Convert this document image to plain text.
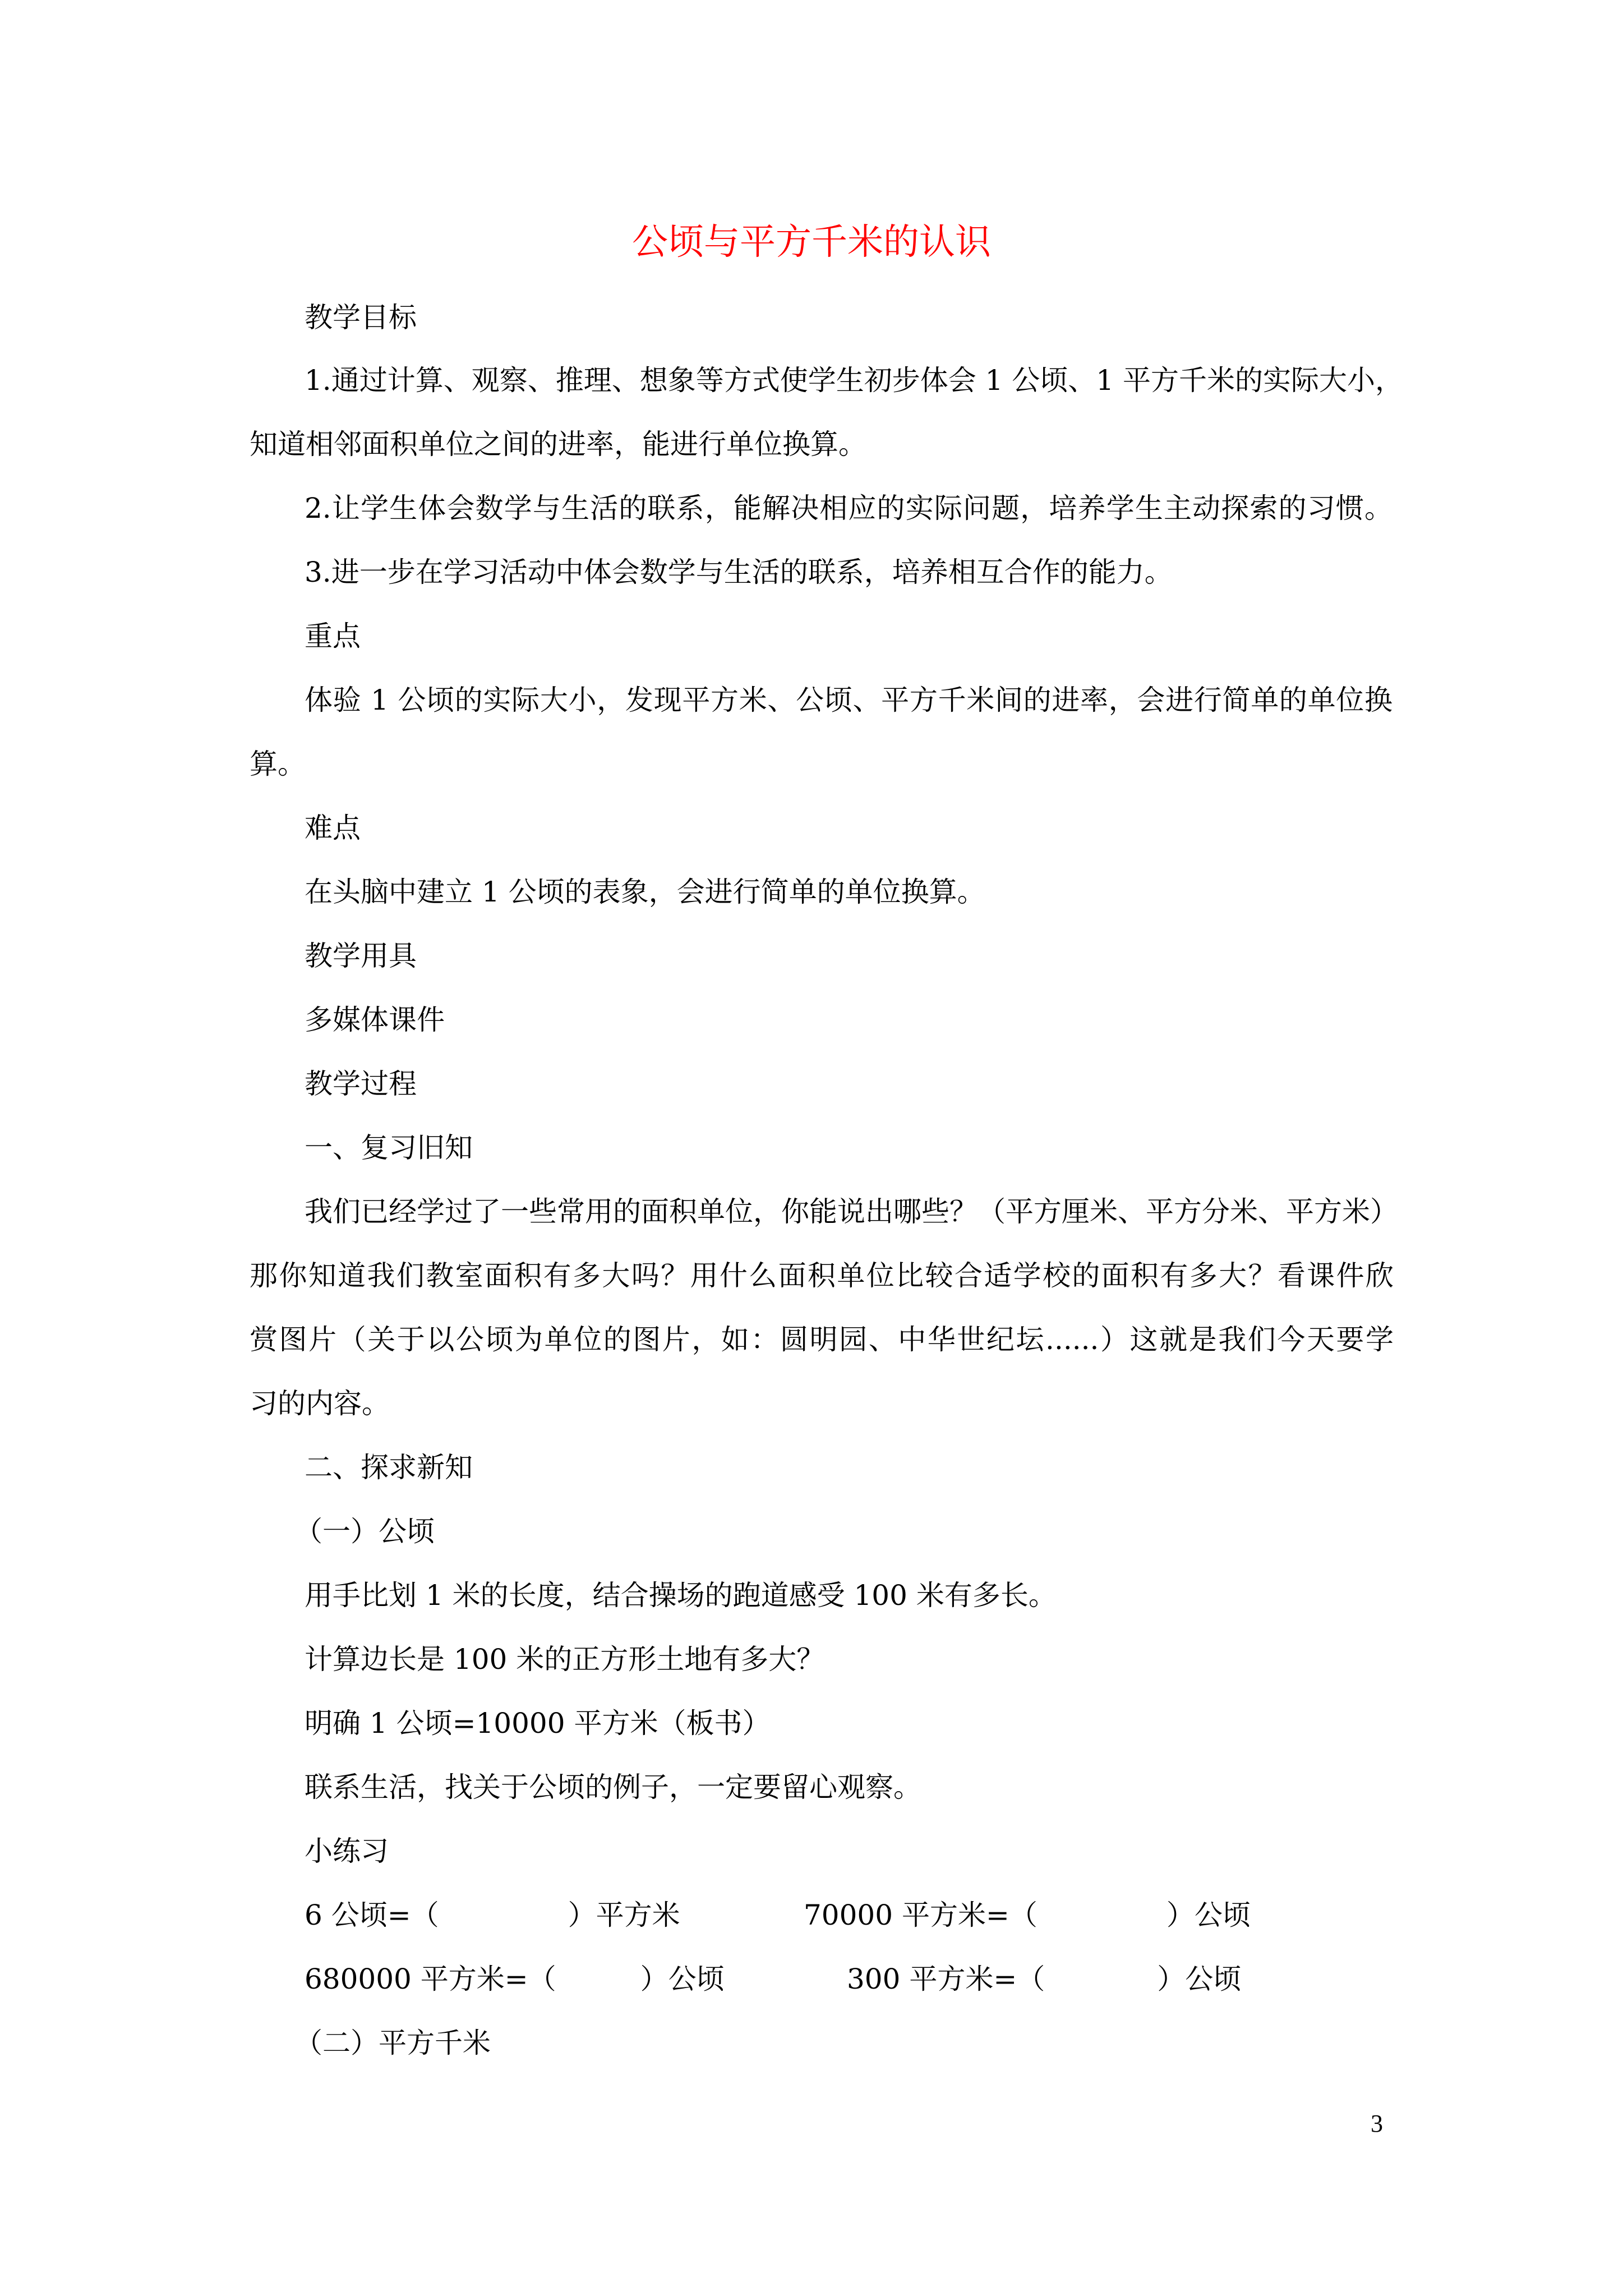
公顷与平方千米的认识
教学目标
1.通过计算、观察、推理、想象等方式使学生初步体会 1 公顷、1 平方千米的实际大小，
知道相邻面积单位之间的进率，能进行单位换算。
2.让学生体会数学与生活的联系，能解决相应的实际问题，培养学生主动探索的习惯。
3.进一步在学习活动中体会数学与生活的联系，培养相互合作的能力。
重点
体验 1 公顷的实际大小，发现平方米、公顷、平方千米间的进率，会进行简单的单位换
算。
难点
在头脑中建立 1 公顷的表象，会进行简单的单位换算。
教学用具
多媒体课件
教学过程
一、复习旧知
我们已经学过了一些常用的面积单位，你能说出哪些？（平方厘米、平方分米、平方米）
那你知道我们教室面积有多大吗？用什么面积单位比较合适学校的面积有多大？看课件欣
赏图片（关于以公顷为单位的图片，如：圆明园、中华世纪坛......）这就是我们今天要学
习的内容。
二、探求新知
（一）公顷
用手比划 1 米的长度，结合操场的跑道感受 100 米有多长。
计算边长是 100 米的正方形土地有多大？
明确 1 公顷=10000 平方米（板书）
联系生活，找关于公顷的例子，一定要留心观察。
小练习
6 公顷=（	）平方米	70000 平方米=（	）公顷
680000 平方米=（	）公顷	300 平方米=（	）公顷
（二）平方千米
3
